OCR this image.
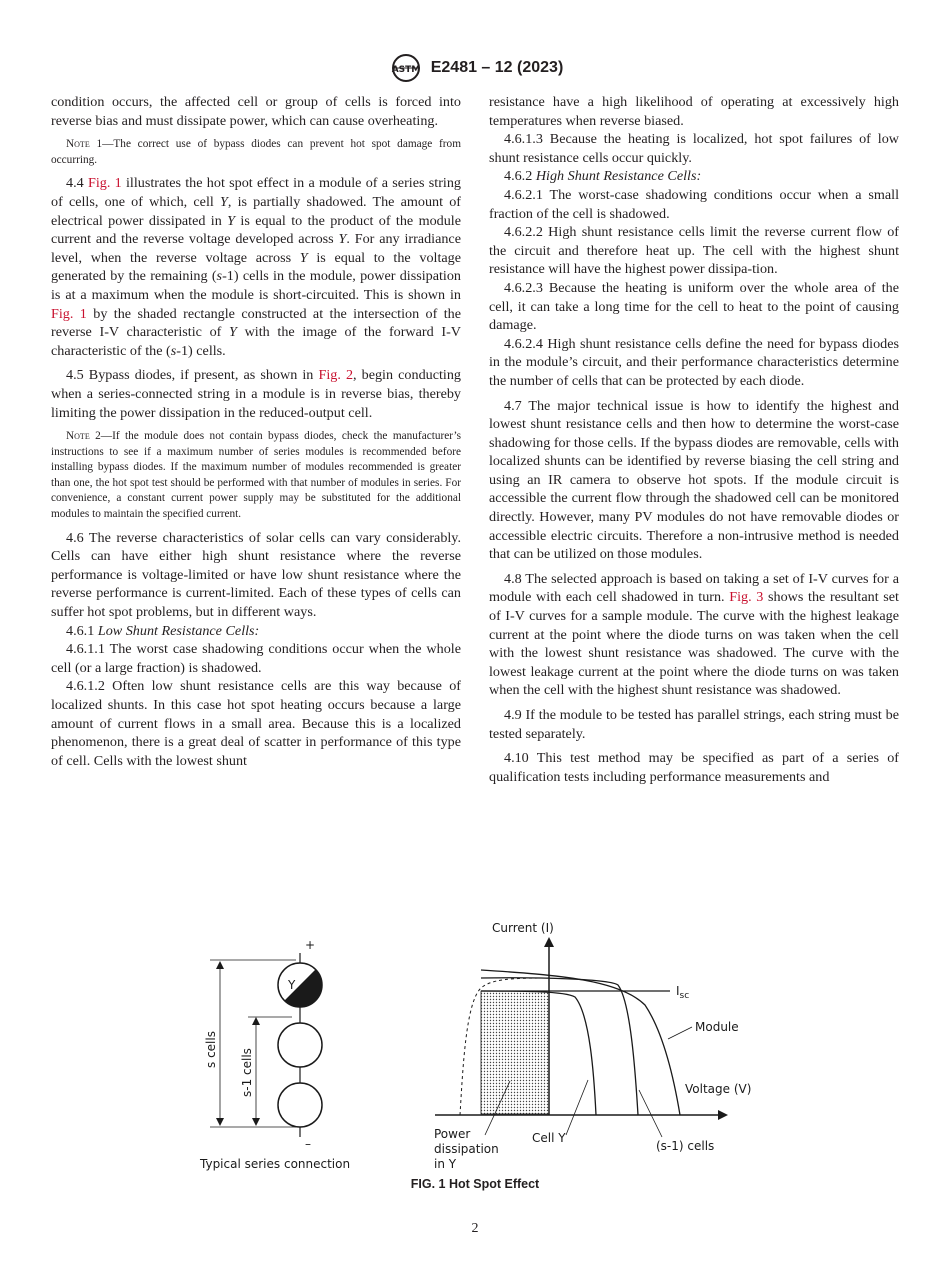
ASTM E2481 – 12 (2023)

condition occurs, the affected cell or group of cells is forced into reverse bias and must dissipate power, which can cause overheating.

Note 1—The correct use of bypass diodes can prevent hot spot damage from occurring.

4.4 Fig. 1 illustrates the hot spot effect in a module of a series string of cells, one of which, cell Y, is partially shadowed. The amount of electrical power dissipated in Y is equal to the product of the module current and the reverse voltage developed across Y. For any irradiance level, when the reverse voltage across Y is equal to the voltage generated by the remaining (s-1) cells in the module, power dissipation is at a maximum when the module is short-circuited. This is shown in Fig. 1 by the shaded rectangle constructed at the intersection of the reverse I-V characteristic of Y with the image of the forward I-V characteristic of the (s-1) cells.

4.5 Bypass diodes, if present, as shown in Fig. 2, begin conducting when a series-connected string in a module is in reverse bias, thereby limiting the power dissipation in the reduced-output cell.

Note 2—If the module does not contain bypass diodes, check the manufacturer’s instructions to see if a maximum number of series modules is recommended before installing bypass diodes. If the maximum number of modules recommended is greater than one, the hot spot test should be performed with that number of modules in series. For convenience, a constant current power supply may be substituted for the additional modules to maintain the specified current.

4.6 The reverse characteristics of solar cells can vary considerably. Cells can have either high shunt resistance where the reverse performance is voltage-limited or have low shunt resistance where the reverse performance is current-limited. Each of these types of cells can suffer hot spot problems, but in different ways.

4.6.1 Low Shunt Resistance Cells:

4.6.1.1 The worst case shadowing conditions occur when the whole cell (or a large fraction) is shadowed.

4.6.1.2 Often low shunt resistance cells are this way because of localized shunts. In this case hot spot heating occurs because a large amount of current flows in a small area. Because this is a localized phenomenon, there is a great deal of scatter in performance of this type of cell. Cells with the lowest shunt

resistance have a high likelihood of operating at excessively high temperatures when reverse biased.

4.6.1.3 Because the heating is localized, hot spot failures of low shunt resistance cells occur quickly.

4.6.2 High Shunt Resistance Cells:

4.6.2.1 The worst-case shadowing conditions occur when a small fraction of the cell is shadowed.

4.6.2.2 High shunt resistance cells limit the reverse current flow of the circuit and therefore heat up. The cell with the highest shunt resistance will have the highest power dissipa-tion.

4.6.2.3 Because the heating is uniform over the whole area of the cell, it can take a long time for the cell to heat to the point of causing damage.

4.6.2.4 High shunt resistance cells define the need for bypass diodes in the module’s circuit, and their performance characteristics determine the number of cells that can be protected by each diode.

4.7 The major technical issue is how to identify the highest and lowest shunt resistance cells and then how to determine the worst-case shadowing for those cells. If the bypass diodes are removable, cells with localized shunts can be identified by reverse biasing the cell string and using an IR camera to observe hot spots. If the module circuit is accessible the current flow through the shadowed cell can be monitored directly. However, many PV modules do not have removable diodes or accessible electric circuits. Therefore a non-intrusive method is needed that can be utilized on those modules.

4.8 The selected approach is based on taking a set of I-V curves for a module with each cell shadowed in turn. Fig. 3 shows the resultant set of I-V curves for a sample module. The curve with the highest leakage current at the point where the diode turns on was taken when the cell with the lowest shunt resistance was shadowed. The curve with the lowest leakage current at the point where the diode turns on was taken when the cell with the highest shunt resistance was shadowed.

4.9 If the module to be tested has parallel strings, each string must be tested separately.

4.10 This test method may be specified as part of a series of qualification tests including performance measurements and

+
Y
–
s cells s-1 cells
Typical series connection
Current (I)
Voltage (V)
$I_{sc}$
Module
Power
dissipation
in Y
Cell Y
(s-1) cells
FIG. 1 Hot Spot Effect
2
